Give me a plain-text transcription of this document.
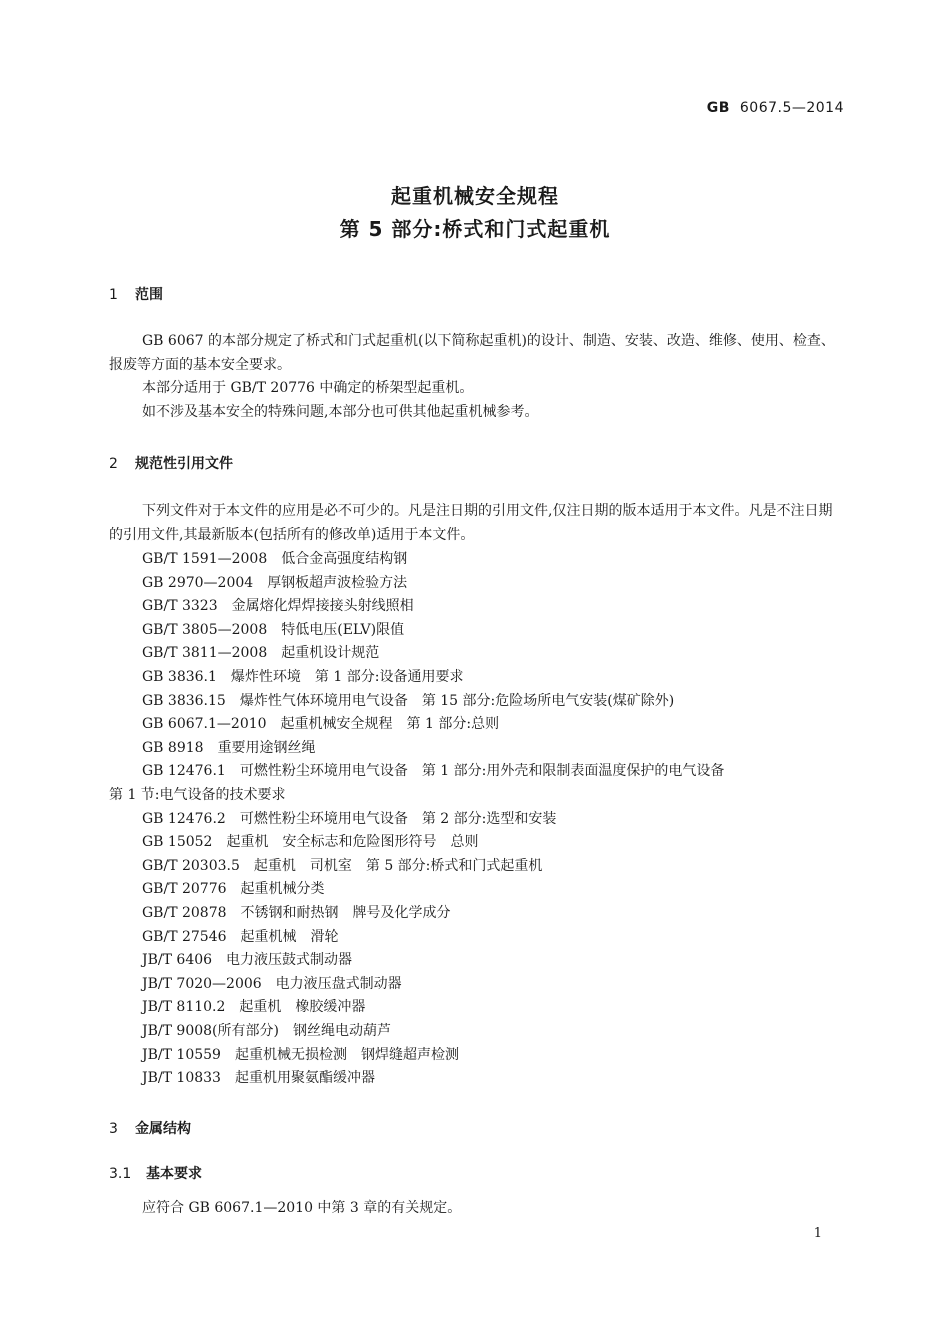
GB 6067.5—2014
起重机械安全规程
第 5 部分:桥式和门式起重机
1 范围
GB 6067 的本部分规定了桥式和门式起重机(以下简称起重机)的设计、制造、安装、改造、维修、使用、检查、报废等方面的基本安全要求。
本部分适用于 GB/T 20776 中确定的桥架型起重机。
如不涉及基本安全的特殊问题,本部分也可供其他起重机械参考。
2 规范性引用文件
下列文件对于本文件的应用是必不可少的。凡是注日期的引用文件,仅注日期的版本适用于本文件。凡是不注日期的引用文件,其最新版本(包括所有的修改单)适用于本文件。
GB/T 1591—2008 低合金高强度结构钢
GB 2970—2004 厚钢板超声波检验方法
GB/T 3323 金属熔化焊焊接接头射线照相
GB/T 3805—2008 特低电压(ELV)限值
GB/T 3811—2008 起重机设计规范
GB 3836.1 爆炸性环境　第 1 部分:设备通用要求
GB 3836.15 爆炸性气体环境用电气设备　第 15 部分:危险场所电气安装(煤矿除外)
GB 6067.1—2010 起重机械安全规程　第 1 部分:总则
GB 8918 重要用途钢丝绳
GB 12476.1 可燃性粉尘环境用电气设备　第 1 部分:用外壳和限制表面温度保护的电气设备
第 1 节:电气设备的技术要求
GB 12476.2 可燃性粉尘环境用电气设备　第 2 部分:选型和安装
GB 15052 起重机　安全标志和危险图形符号　总则
GB/T 20303.5 起重机　司机室　第 5 部分:桥式和门式起重机
GB/T 20776 起重机械分类
GB/T 20878 不锈钢和耐热钢　牌号及化学成分
GB/T 27546 起重机械　滑轮
JB/T 6406 电力液压鼓式制动器
JB/T 7020—2006 电力液压盘式制动器
JB/T 8110.2 起重机　橡胶缓冲器
JB/T 9008(所有部分) 钢丝绳电动葫芦
JB/T 10559 起重机械无损检测　钢焊缝超声检测
JB/T 10833 起重机用聚氨酯缓冲器
3 金属结构
3.1 基本要求
应符合 GB 6067.1—2010 中第 3 章的有关规定。
1
